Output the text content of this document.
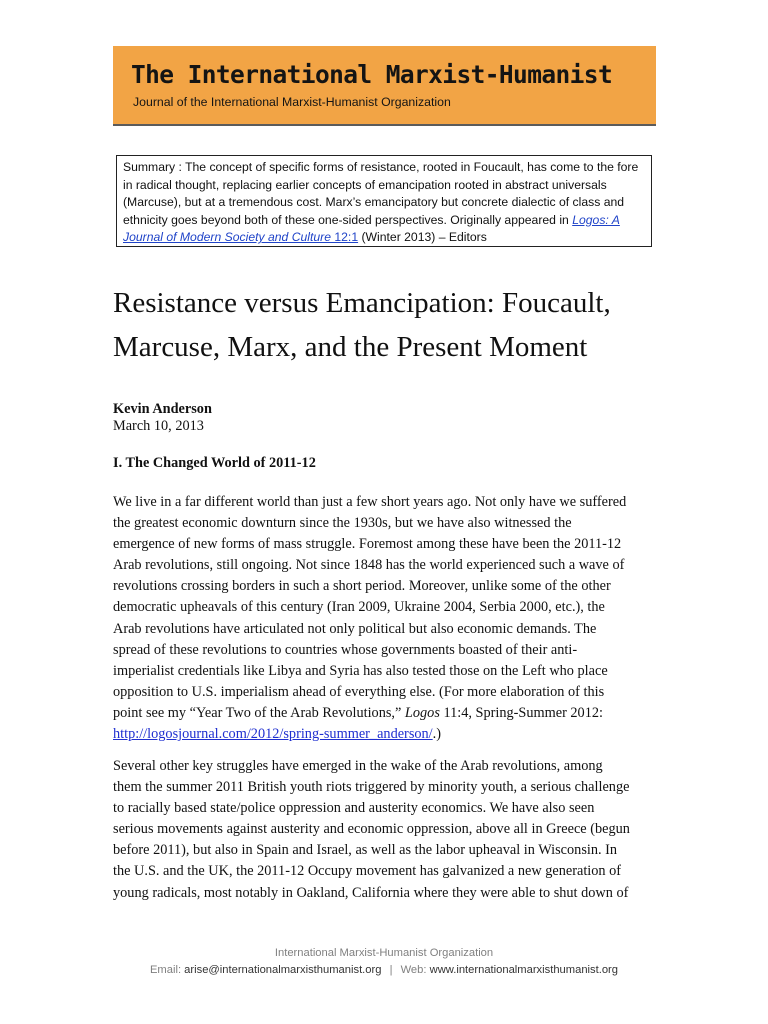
The International Marxist-Humanist
Journal of the International Marxist-Humanist Organization
Summary : The concept of specific forms of resistance, rooted in Foucault, has come to the fore in radical thought, replacing earlier concepts of emancipation rooted in abstract universals (Marcuse), but at a tremendous cost. Marx’s emancipatory but concrete dialectic of class and ethnicity goes beyond both of these one-sided perspectives. Originally appeared in Logos: A Journal of Modern Society and Culture 12:1 (Winter 2013) – Editors
Resistance versus Emancipation: Foucault, Marcuse, Marx, and the Present Moment
Kevin Anderson
March 10, 2013
I. The Changed World of 2011-12
We live in a far different world than just a few short years ago. Not only have we suffered
the greatest economic downturn since the 1930s, but we have also witnessed the
emergence of new forms of mass struggle. Foremost among these have been the 2011-12
Arab revolutions, still ongoing. Not since 1848 has the world experienced such a wave of
revolutions crossing borders in such a short period. Moreover, unlike some of the other
democratic upheavals of this century (Iran 2009, Ukraine 2004, Serbia 2000, etc.), the
Arab revolutions have articulated not only political but also economic demands. The
spread of these revolutions to countries whose governments boasted of their anti-
imperialist credentials like Libya and Syria has also tested those on the Left who place
opposition to U.S. imperialism ahead of everything else. (For more elaboration of this
point see my “Year Two of the Arab Revolutions,” Logos 11:4, Spring-Summer 2012:
http://logosjournal.com/2012/spring-summer_anderson/.)
Several other key struggles have emerged in the wake of the Arab revolutions, among
them the summer 2011 British youth riots triggered by minority youth, a serious challenge
to racially based state/police oppression and austerity economics. We have also seen
serious movements against austerity and economic oppression, above all in Greece (begun
before 2011), but also in Spain and Israel, as well as the labor upheaval in Wisconsin. In
the U.S. and the UK, the 2011-12 Occupy movement has galvanized a new generation of
young radicals, most notably in Oakland, California where they were able to shut down of
International Marxist-Humanist Organization
Email: arise@internationalmarxisthumanist.org | Web: www.internationalmarxisthumanist.org
